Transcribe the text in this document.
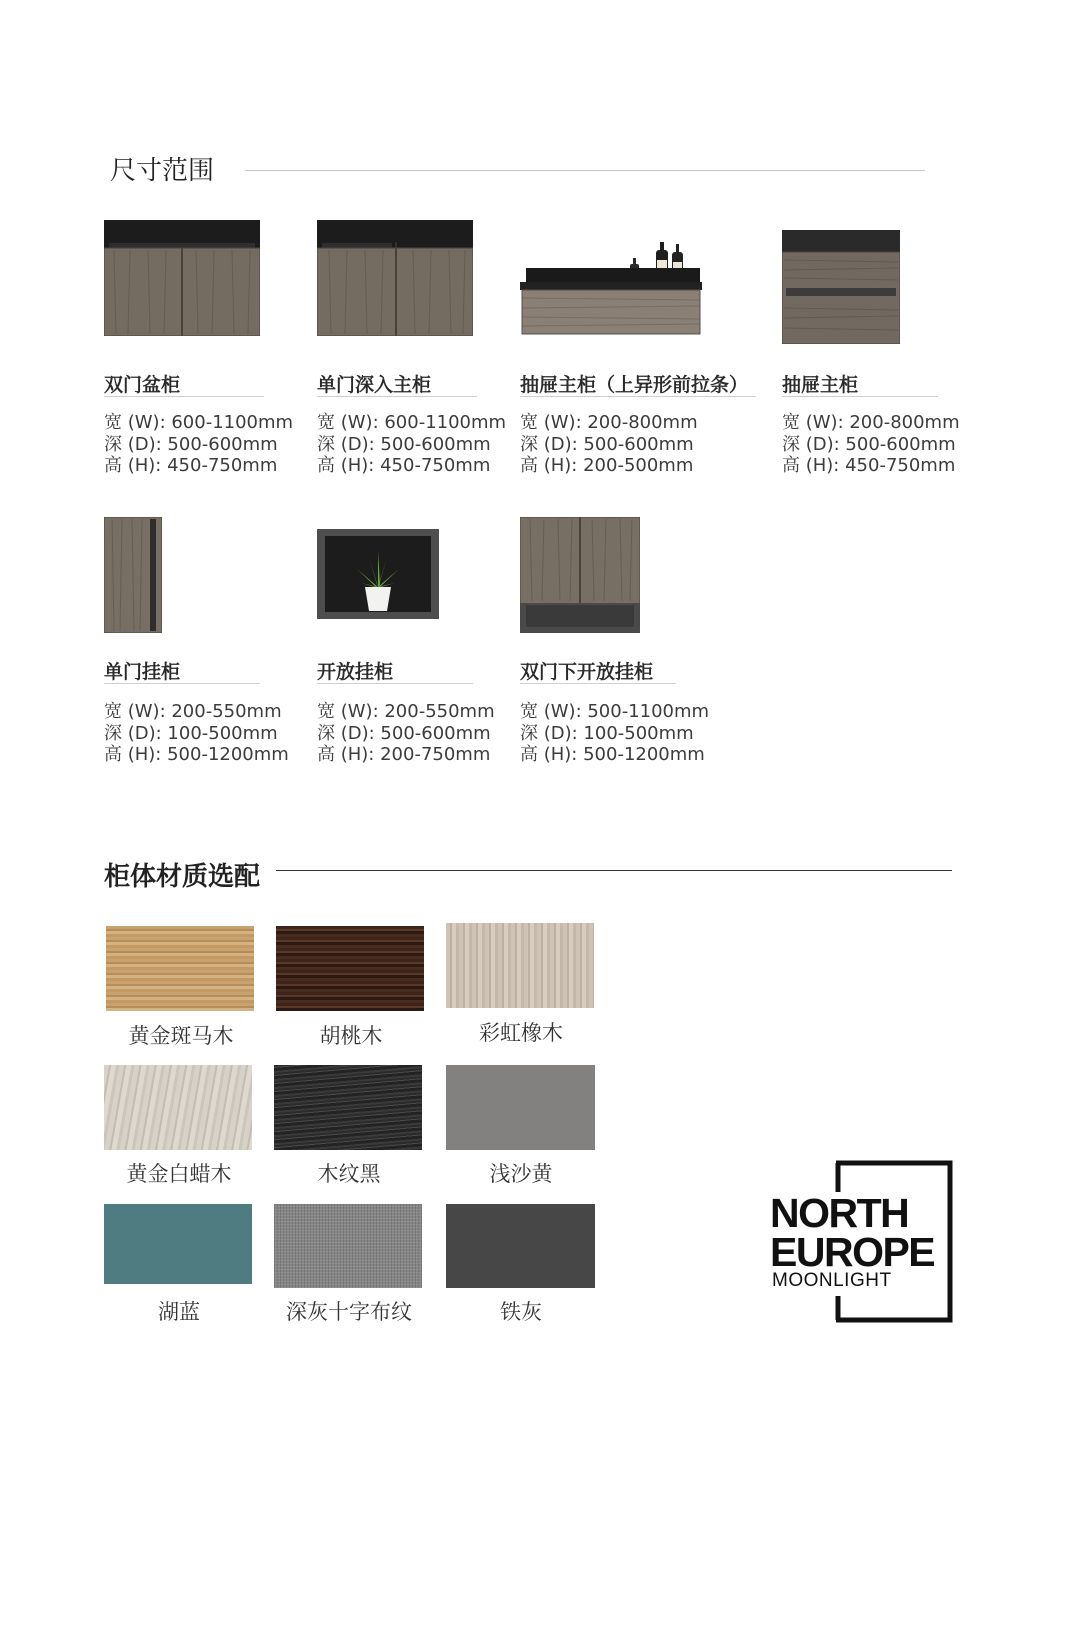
尺寸范围
双门盆柜
宽 (W): 600-1100mm
深 (D): 500-600mm
高 (H): 450-750mm
单门深入主柜
宽 (W): 600-1100mm
深 (D): 500-600mm
高 (H): 450-750mm
抽屉主柜（上异形前拉条）
宽 (W): 200-800mm
深 (D): 500-600mm
高 (H): 200-500mm
抽屉主柜
宽 (W): 200-800mm
深 (D): 500-600mm
高 (H): 450-750mm
单门挂柜
宽 (W): 200-550mm
深 (D): 100-500mm
高 (H): 500-1200mm
开放挂柜
宽 (W): 200-550mm
深 (D): 500-600mm
高 (H): 200-750mm
双门下开放挂柜
宽 (W): 500-1100mm
深 (D): 100-500mm
高 (H): 500-1200mm
柜体材质选配
黄金斑马木	胡桃木	彩虹橡木
黄金白蜡木	木纹黑	浅沙黄
湖蓝	深灰十字布纹	铁灰
NORTH
EUROPE
MOONLIGHT
